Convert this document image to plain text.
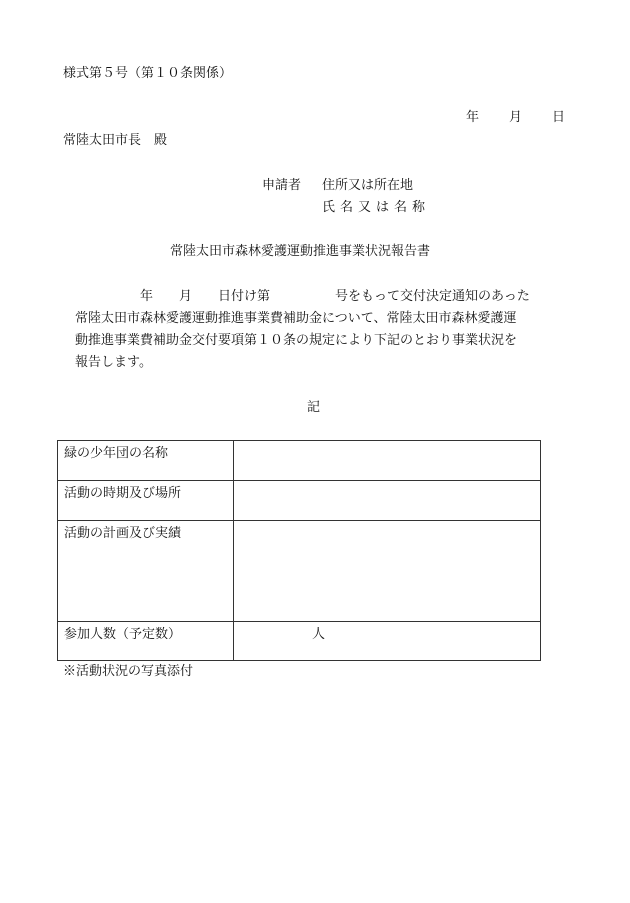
様式第５号（第１０条関係）
年 月 日
常陸太田市長　殿
申請者 住所又は所在地
氏名又は名称
常陸太田市森林愛護運動推進事業状況報告書

　　　　　年　　月　　日付け第　　　　　号をもって交付決定通知のあった

常陸太田市森林愛護運動推進事業費補助金について、常陸太田市森林愛護運

動推進事業費補助金交付要項第１０条の規定により下記のとおり事業状況を

報告します。

記
緑の少年団の名称	
活動の時期及び場所	
活動の計画及び実績	
参加人数（予定数）	人
※活動状況の写真添付
